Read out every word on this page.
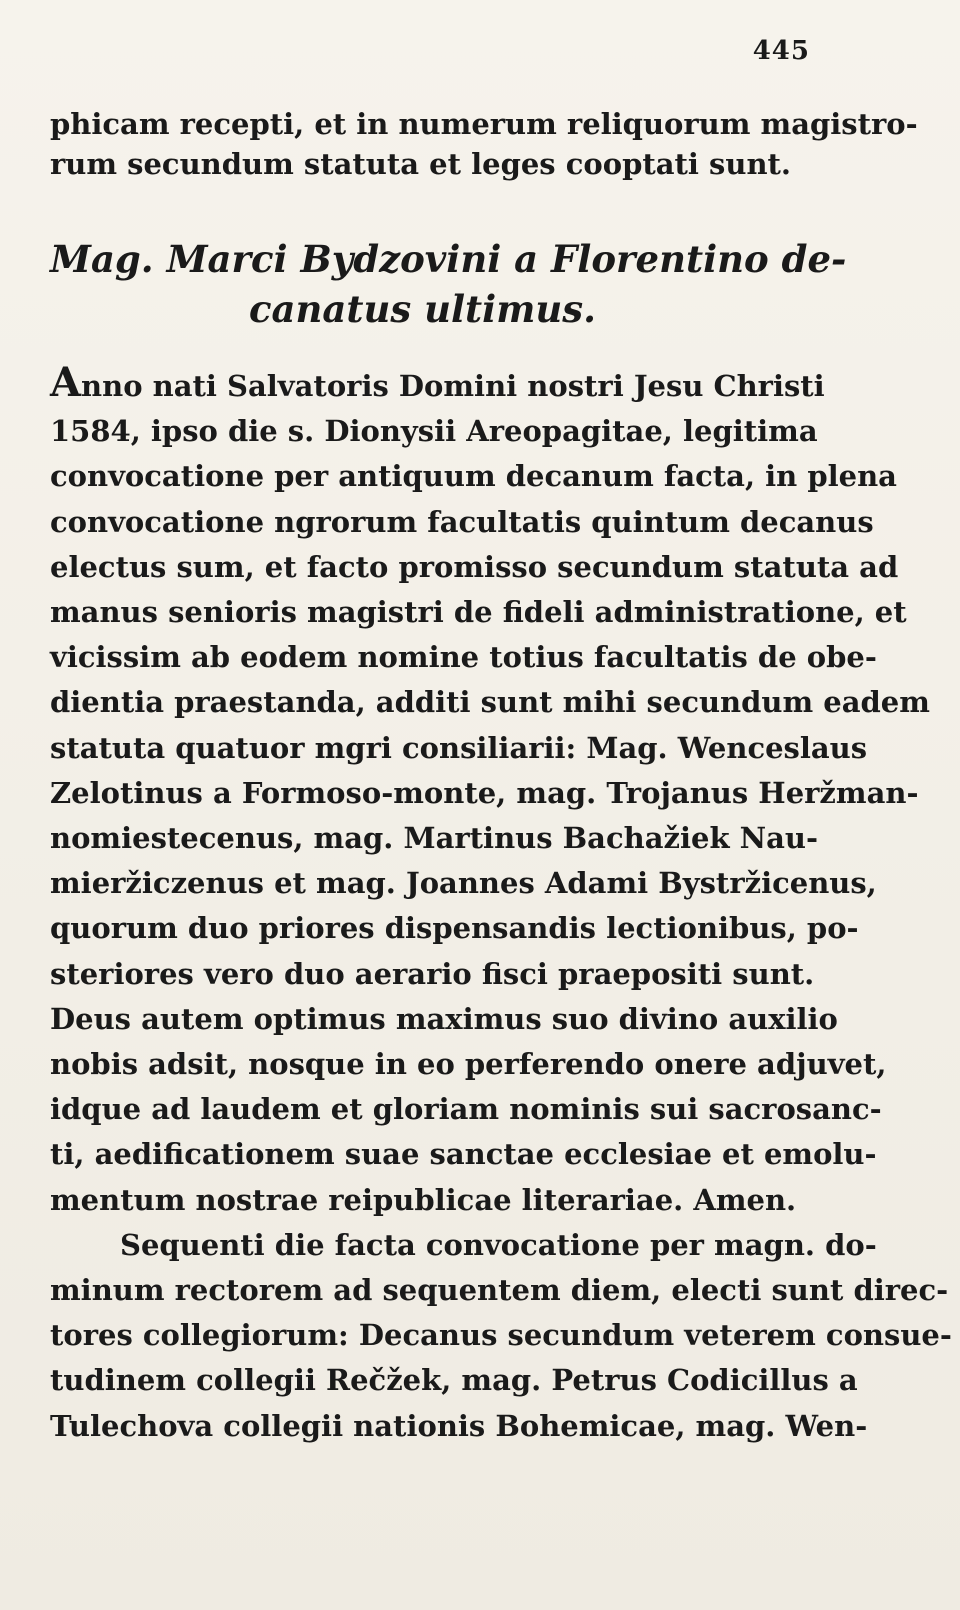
445
phicam recepti, et in numerum reliquorum magistro-
rum secundum statuta et leges cooptati sunt.
Mag. Marci Bydzovini a Florentino de-
canatus ultimus.
Anno nati Salvatoris Domini nostri Jesu Christi
1584, ipso die s. Dionysii Areopagitae, legitima
convocatione per antiquum decanum facta, in plena
convocatione ngrorum facultatis quintum decanus
electus sum, et facto promisso secundum statuta ad
manus senioris magistri de fideli administratione, et
vicissim ab eodem nomine totius facultatis de obe-
dientia praestanda, additi sunt mihi secundum eadem
statuta quatuor mgri consiliarii: Mag. Wenceslaus
Zelotinus a Formoso-monte, mag. Trojanus Heržman-
nomiestecenus, mag. Martinus Bachažiek Nau-
mieržiczenus et mag. Joannes Adami Bystržicenus,
quorum duo priores dispensandis lectionibus, po-
steriores vero duo aerario fisci praepositi sunt.
Deus autem optimus maximus suo divino auxilio
nobis adsit, nosque in eo perferendo onere adjuvet,
idque ad laudem et gloriam nominis sui sacrosanc-
ti, aedificationem suae sanctae ecclesiae et emolu-
mentum nostrae reipublicae literariae. Amen.
Sequenti die facta convocatione per magn. do-
minum rectorem ad sequentem diem, electi sunt direc-
tores collegiorum: Decanus secundum veterem consue-
tudinem collegii Rečžek, mag. Petrus Codicillus a
Tulechova collegii nationis Bohemicae, mag. Wen-
